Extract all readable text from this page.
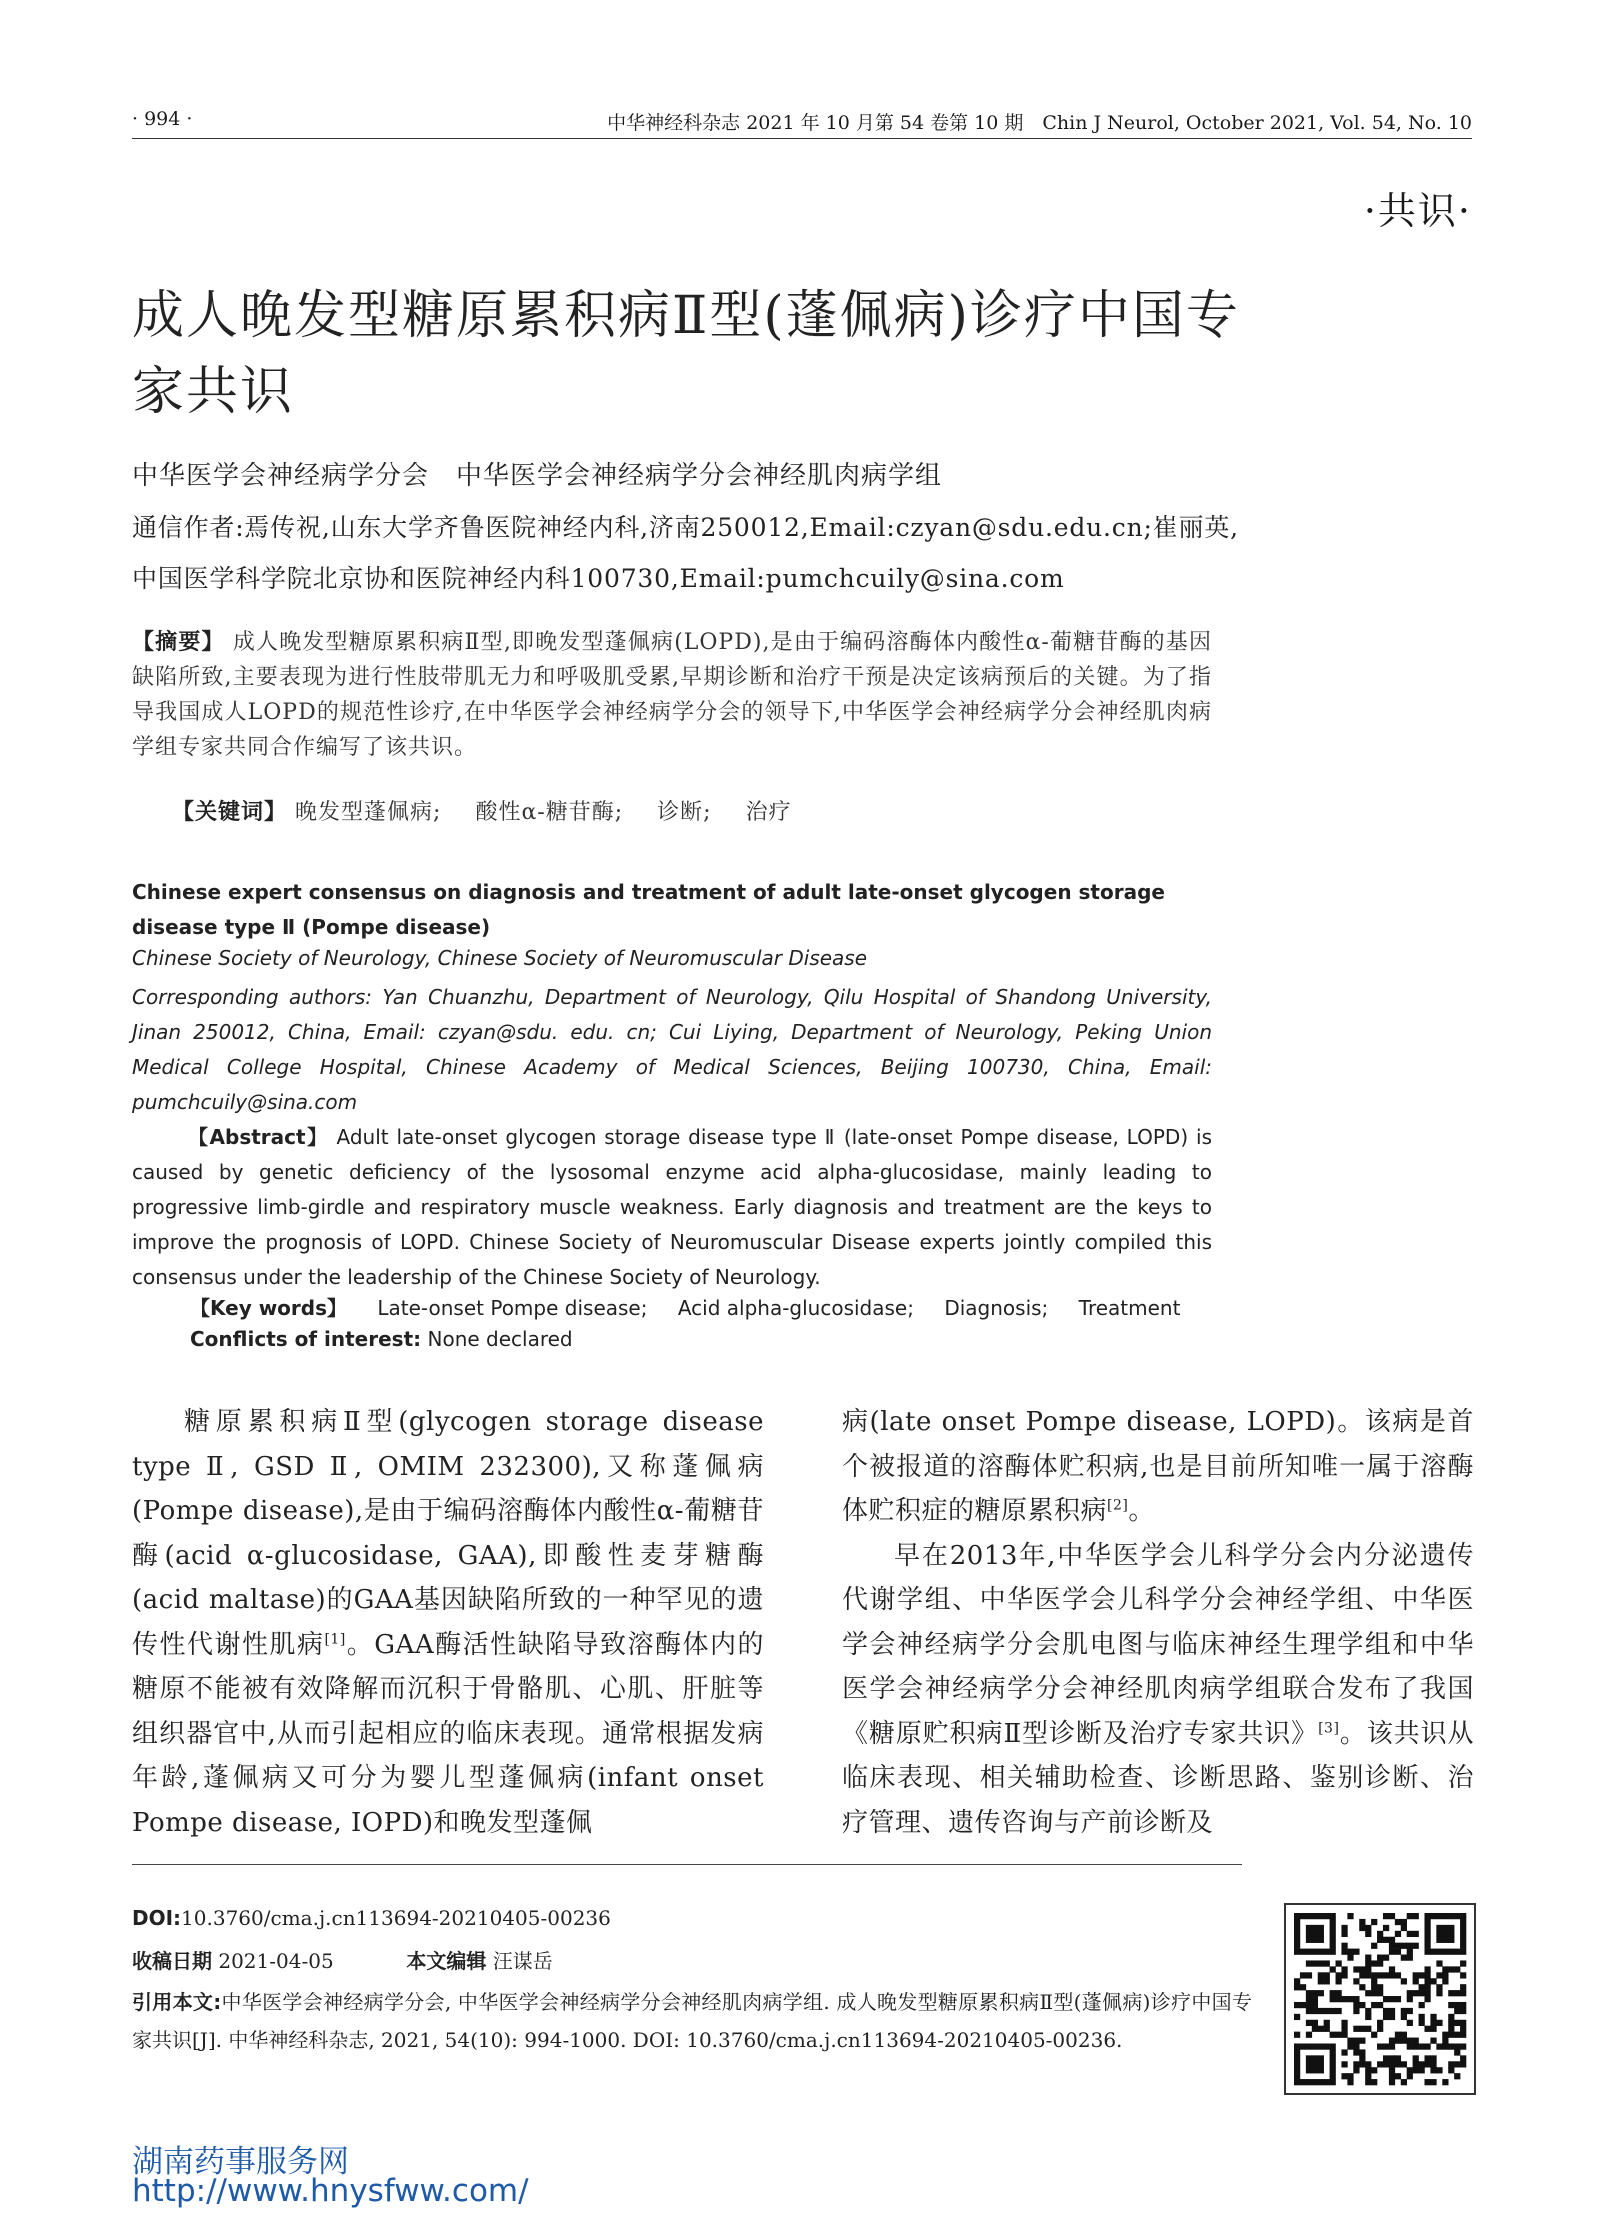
· 994 ·	中华神经科杂志 2021 年 10 月第 54 卷第 10 期　Chin J Neurol, October 2021, Vol. 54, No. 10
·共识·
成人晚发型糖原累积病Ⅱ型(蓬佩病)诊疗中国专家共识
中华医学会神经病学分会　中华医学会神经病学分会神经肌肉病学组
通信作者:焉传祝,山东大学齐鲁医院神经内科,济南250012,Email:czyan@sdu.edu.cn;崔丽英,中国医学科学院北京协和医院神经内科100730,Email:pumchcuily@sina.com
【摘要】 成人晚发型糖原累积病Ⅱ型,即晚发型蓬佩病(LOPD),是由于编码溶酶体内酸性α-葡糖苷酶的基因缺陷所致,主要表现为进行性肢带肌无力和呼吸肌受累,早期诊断和治疗干预是决定该病预后的关键。为了指导我国成人LOPD的规范性诊疗,在中华医学会神经病学分会的领导下,中华医学会神经病学分会神经肌肉病学组专家共同合作编写了该共识。
【关键词】 晚发型蓬佩病; 酸性α-糖苷酶; 诊断; 治疗
Chinese expert consensus on diagnosis and treatment of adult late-onset glycogen storage disease type Ⅱ (Pompe disease)
Chinese Society of Neurology, Chinese Society of Neuromuscular Disease
Corresponding authors: Yan Chuanzhu, Department of Neurology, Qilu Hospital of Shandong University, Jinan 250012, China, Email: czyan@sdu. edu. cn; Cui Liying, Department of Neurology, Peking Union Medical College Hospital, Chinese Academy of Medical Sciences, Beijing 100730, China, Email: pumchcuily@sina.com
【Abstract】 Adult late-onset glycogen storage disease type Ⅱ (late-onset Pompe disease, LOPD) is caused by genetic deficiency of the lysosomal enzyme acid alpha-glucosidase, mainly leading to progressive limb-girdle and respiratory muscle weakness. Early diagnosis and treatment are the keys to improve the prognosis of LOPD. Chinese Society of Neuromuscular Disease experts jointly compiled this consensus under the leadership of the Chinese Society of Neurology.
【Key words】 Late-onset Pompe disease; Acid alpha-glucosidase; Diagnosis; Treatment
Conflicts of interest: None declared

糖原累积病Ⅱ型(glycogen storage disease type Ⅱ, GSD Ⅱ, OMIM 232300),又称蓬佩病(Pompe disease),是由于编码溶酶体内酸性α-葡糖苷酶(acid α-glucosidase, GAA),即酸性麦芽糖酶(acid maltase)的GAA基因缺陷所致的一种罕见的遗传性代谢性肌病[1]。GAA酶活性缺陷导致溶酶体内的糖原不能被有效降解而沉积于骨骼肌、心肌、肝脏等组织器官中,从而引起相应的临床表现。通常根据发病年龄,蓬佩病又可分为婴儿型蓬佩病(infant onset Pompe disease, IOPD)和晚发型蓬佩

病(late onset Pompe disease, LOPD)。该病是首个被报道的溶酶体贮积病,也是目前所知唯一属于溶酶体贮积症的糖原累积病[2]。

早在2013年,中华医学会儿科学分会内分泌遗传代谢学组、中华医学会儿科学分会神经学组、中华医学会神经病学分会肌电图与临床神经生理学组和中华医学会神经病学分会神经肌肉病学组联合发布了我国《糖原贮积病Ⅱ型诊断及治疗专家共识》[3]。该共识从临床表现、相关辅助检查、诊断思路、鉴别诊断、治疗管理、遗传咨询与产前诊断及

DOI:10.3760/cma.j.cn113694-20210405-00236
收稿日期 2021-04-05	本文编辑 汪谋岳
引用本文:中华医学会神经病学分会, 中华医学会神经病学分会神经肌肉病学组. 成人晚发型糖原累积病Ⅱ型(蓬佩病)诊疗中国专家共识[J]. 中华神经科杂志, 2021, 54(10): 994-1000. DOI: 10.3760/cma.j.cn113694-20210405-00236.
湖南药事服务网
http://www.hnysfww.com/
